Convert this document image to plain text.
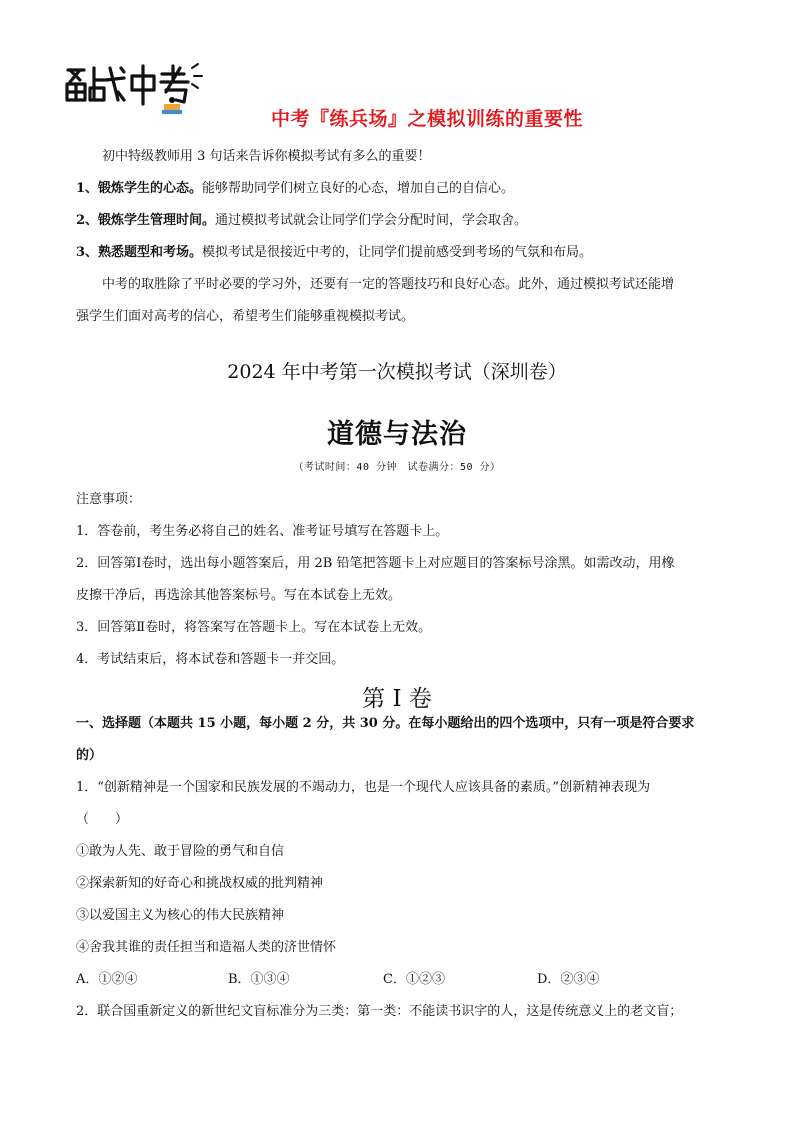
中考『练兵场』之模拟训练的重要性

初中特级教师用 3 句话来告诉你模拟考试有多么的重要！

1、锻炼学生的心态。能够帮助同学们树立良好的心态，增加自己的自信心。

2、锻炼学生管理时间。通过模拟考试就会让同学们学会分配时间，学会取舍。

3、熟悉题型和考场。模拟考试是很接近中考的，让同学们提前感受到考场的气氛和布局。

中考的取胜除了平时必要的学习外，还要有一定的答题技巧和良好心态。此外，通过模拟考试还能增

强学生们面对高考的信心，希望考生们能够重视模拟考试。

2024 年中考第一次模拟考试（深圳卷）
道德与法治
（考试时间：40 分钟　试卷满分：50 分）

注意事项：

1．答卷前，考生务必将自己的姓名、准考证号填写在答题卡上。

2．回答第Ⅰ卷时，选出每小题答案后，用 2B 铅笔把答题卡上对应题目的答案标号涂黑。如需改动，用橡

皮擦干净后，再选涂其他答案标号。写在本试卷上无效。

3．回答第Ⅱ卷时，将答案写在答题卡上。写在本试卷上无效。

4．考试结束后，将本试卷和答题卡一并交回。

第 I 卷

一、选择题（本题共 15 小题，每小题 2 分，共 30 分。在每小题给出的四个选项中，只有一项是符合要求

的）

1．“创新精神是一个国家和民族发展的不竭动力，也是一个现代人应该具备的素质。”创新精神表现为

（　　）

①敢为人先、敢于冒险的勇气和自信

②探索新知的好奇心和挑战权威的批判精神

③以爱国主义为核心的伟大民族精神

④舍我其谁的责任担当和造福人类的济世情怀

A．①②④	B．①③④	C．①②③	D．②③④

2．联合国重新定义的新世纪文盲标准分为三类：第一类：不能读书识字的人，这是传统意义上的老文盲；
